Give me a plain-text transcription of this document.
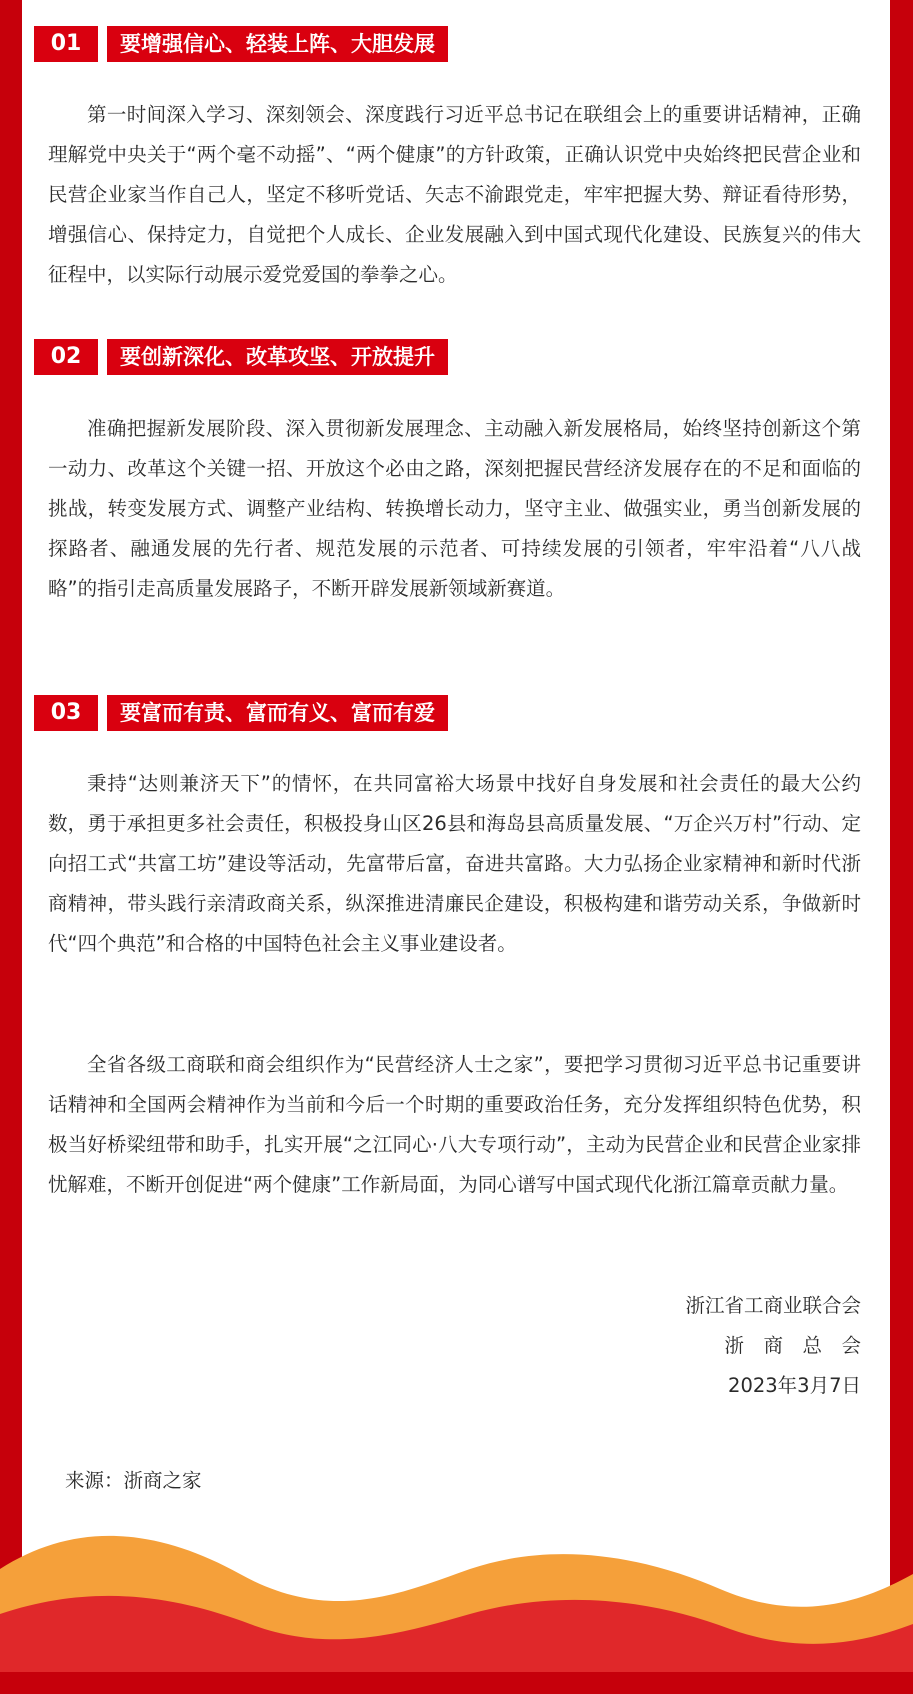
01	要增强信心、轻装上阵、大胆发展

第一时间深入学习、深刻领会、深度践行习近平总书记在联组会上的重要讲话精神，正确理解党中央关于“两个毫不动摇”、“两个健康”的方针政策，正确认识党中央始终把民营企业和民营企业家当作自己人，坚定不移听党话、矢志不渝跟党走，牢牢把握大势、辩证看待形势，增强信心、保持定力，自觉把个人成长、企业发展融入到中国式现代化建设、民族复兴的伟大征程中，以实际行动展示爱党爱国的拳拳之心。

02	要创新深化、改革攻坚、开放提升

准确把握新发展阶段、深入贯彻新发展理念、主动融入新发展格局，始终坚持创新这个第一动力、改革这个关键一招、开放这个必由之路，深刻把握民营经济发展存在的不足和面临的挑战，转变发展方式、调整产业结构、转换增长动力，坚守主业、做强实业，勇当创新发展的探路者、融通发展的先行者、规范发展的示范者、可持续发展的引领者，牢牢沿着“八八战略”的指引走高质量发展路子，不断开辟发展新领域新赛道。

03	要富而有责、富而有义、富而有爱

秉持“达则兼济天下”的情怀，在共同富裕大场景中找好自身发展和社会责任的最大公约数，勇于承担更多社会责任，积极投身山区26县和海岛县高质量发展、“万企兴万村”行动、定向招工式“共富工坊”建设等活动，先富带后富，奋进共富路。大力弘扬企业家精神和新时代浙商精神，带头践行亲清政商关系，纵深推进清廉民企建设，积极构建和谐劳动关系，争做新时代“四个典范”和合格的中国特色社会主义事业建设者。

全省各级工商联和商会组织作为“民营经济人士之家”，要把学习贯彻习近平总书记重要讲话精神和全国两会精神作为当前和今后一个时期的重要政治任务，充分发挥组织特色优势，积极当好桥梁纽带和助手，扎实开展“之江同心·八大专项行动”，主动为民营企业和民营企业家排忧解难，不断开创促进“两个健康”工作新局面，为同心谱写中国式现代化浙江篇章贡献力量。

浙江省工商业联合会

浙　商　总　会

2023年3月7日

来源：浙商之家
